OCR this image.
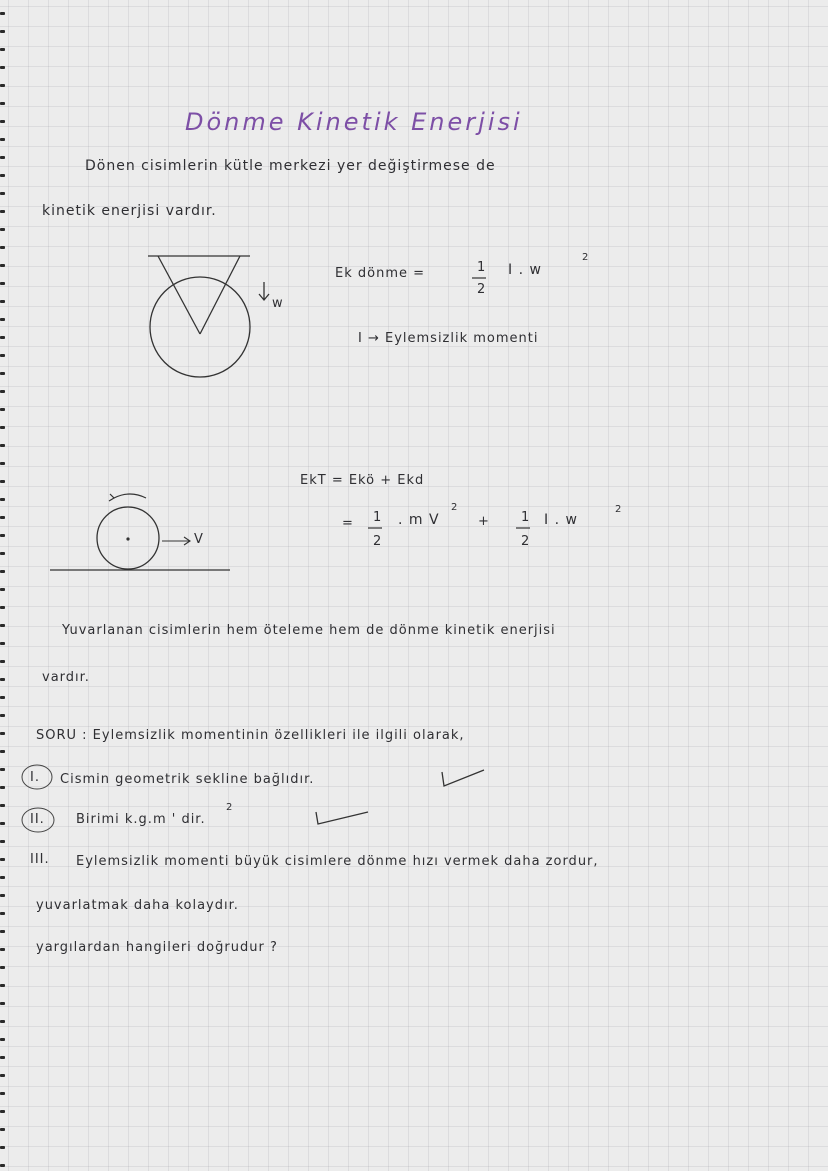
Dönme Kinetik Enerjisi
Dönen cisimlerin kütle merkezi yer değiştirmese de
kinetik enerjisi vardır.
w
Ek dönme =	1
2
I . w
2
I → Eylemsizlik momenti
EkT = Ekö + Ekd
= 1
2
. m V
2
+ 1
2
I . w
2
V
Yuvarlanan cisimlerin hem öteleme hem de dönme kinetik enerjisi
vardır.
SORU : Eylemsizlik momentinin özellikleri ile ilgili olarak,
I. Cismin geometrik sekline bağlıdır.
II. Birimi k.g.m ' dir.
2
III. Eylemsizlik momenti büyük cisimlere dönme hızı vermek daha zordur,
yuvarlatmak daha kolaydır.
yargılardan hangileri doğrudur ?
